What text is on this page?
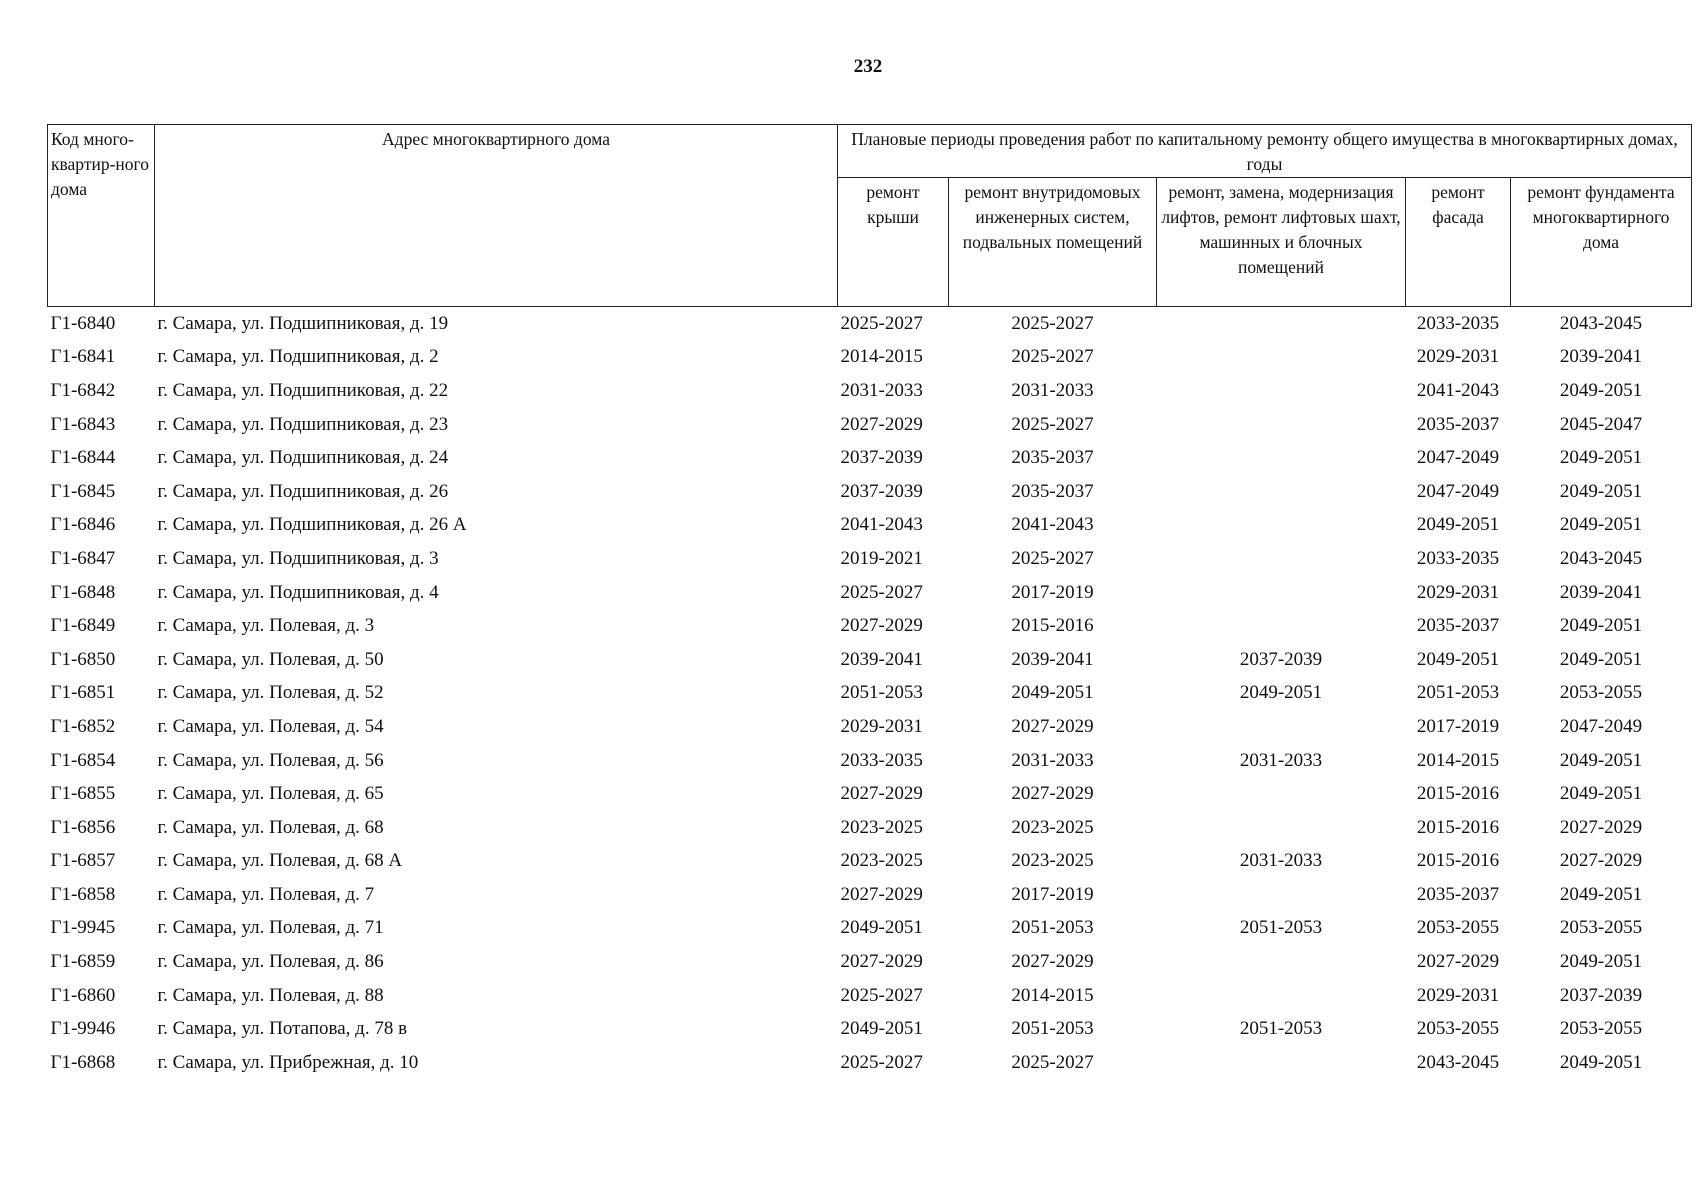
232
Код много-квартир-ного дома	Адрес многоквартирного дома	Плановые периоды проведения работ по капитальному ремонту общего имущества в многоквартирных домах, годы				
		ремонт крыши	ремонт внутридомовых инженерных систем, подвальных помещений	ремонт, замена, модернизация лифтов, ремонт лифтовых шахт, машинных и блочных помещений	ремонт фасада	ремонт фундамента многоквартирного дома
Г1-6840	г. Самара, ул. Подшипниковая, д. 19	2025-2027	2025-2027		2033-2035	2043-2045
Г1-6841	г. Самара, ул. Подшипниковая, д. 2	2014-2015	2025-2027		2029-2031	2039-2041
Г1-6842	г. Самара, ул. Подшипниковая, д. 22	2031-2033	2031-2033		2041-2043	2049-2051
Г1-6843	г. Самара, ул. Подшипниковая, д. 23	2027-2029	2025-2027		2035-2037	2045-2047
Г1-6844	г. Самара, ул. Подшипниковая, д. 24	2037-2039	2035-2037		2047-2049	2049-2051
Г1-6845	г. Самара, ул. Подшипниковая, д. 26	2037-2039	2035-2037		2047-2049	2049-2051
Г1-6846	г. Самара, ул. Подшипниковая, д. 26 А	2041-2043	2041-2043		2049-2051	2049-2051
Г1-6847	г. Самара, ул. Подшипниковая, д. 3	2019-2021	2025-2027		2033-2035	2043-2045
Г1-6848	г. Самара, ул. Подшипниковая, д. 4	2025-2027	2017-2019		2029-2031	2039-2041
Г1-6849	г. Самара, ул. Полевая, д. 3	2027-2029	2015-2016		2035-2037	2049-2051
Г1-6850	г. Самара, ул. Полевая, д. 50	2039-2041	2039-2041	2037-2039	2049-2051	2049-2051
Г1-6851	г. Самара, ул. Полевая, д. 52	2051-2053	2049-2051	2049-2051	2051-2053	2053-2055
Г1-6852	г. Самара, ул. Полевая, д. 54	2029-2031	2027-2029		2017-2019	2047-2049
Г1-6854	г. Самара, ул. Полевая, д. 56	2033-2035	2031-2033	2031-2033	2014-2015	2049-2051
Г1-6855	г. Самара, ул. Полевая, д. 65	2027-2029	2027-2029		2015-2016	2049-2051
Г1-6856	г. Самара, ул. Полевая, д. 68	2023-2025	2023-2025		2015-2016	2027-2029
Г1-6857	г. Самара, ул. Полевая, д. 68 А	2023-2025	2023-2025	2031-2033	2015-2016	2027-2029
Г1-6858	г. Самара, ул. Полевая, д. 7	2027-2029	2017-2019		2035-2037	2049-2051
Г1-9945	г. Самара, ул. Полевая, д. 71	2049-2051	2051-2053	2051-2053	2053-2055	2053-2055
Г1-6859	г. Самара, ул. Полевая, д. 86	2027-2029	2027-2029		2027-2029	2049-2051
Г1-6860	г. Самара, ул. Полевая, д. 88	2025-2027	2014-2015		2029-2031	2037-2039
Г1-9946	г. Самара, ул. Потапова, д. 78 в	2049-2051	2051-2053	2051-2053	2053-2055	2053-2055
Г1-6868	г. Самара, ул. Прибрежная, д. 10	2025-2027	2025-2027		2043-2045	2049-2051
